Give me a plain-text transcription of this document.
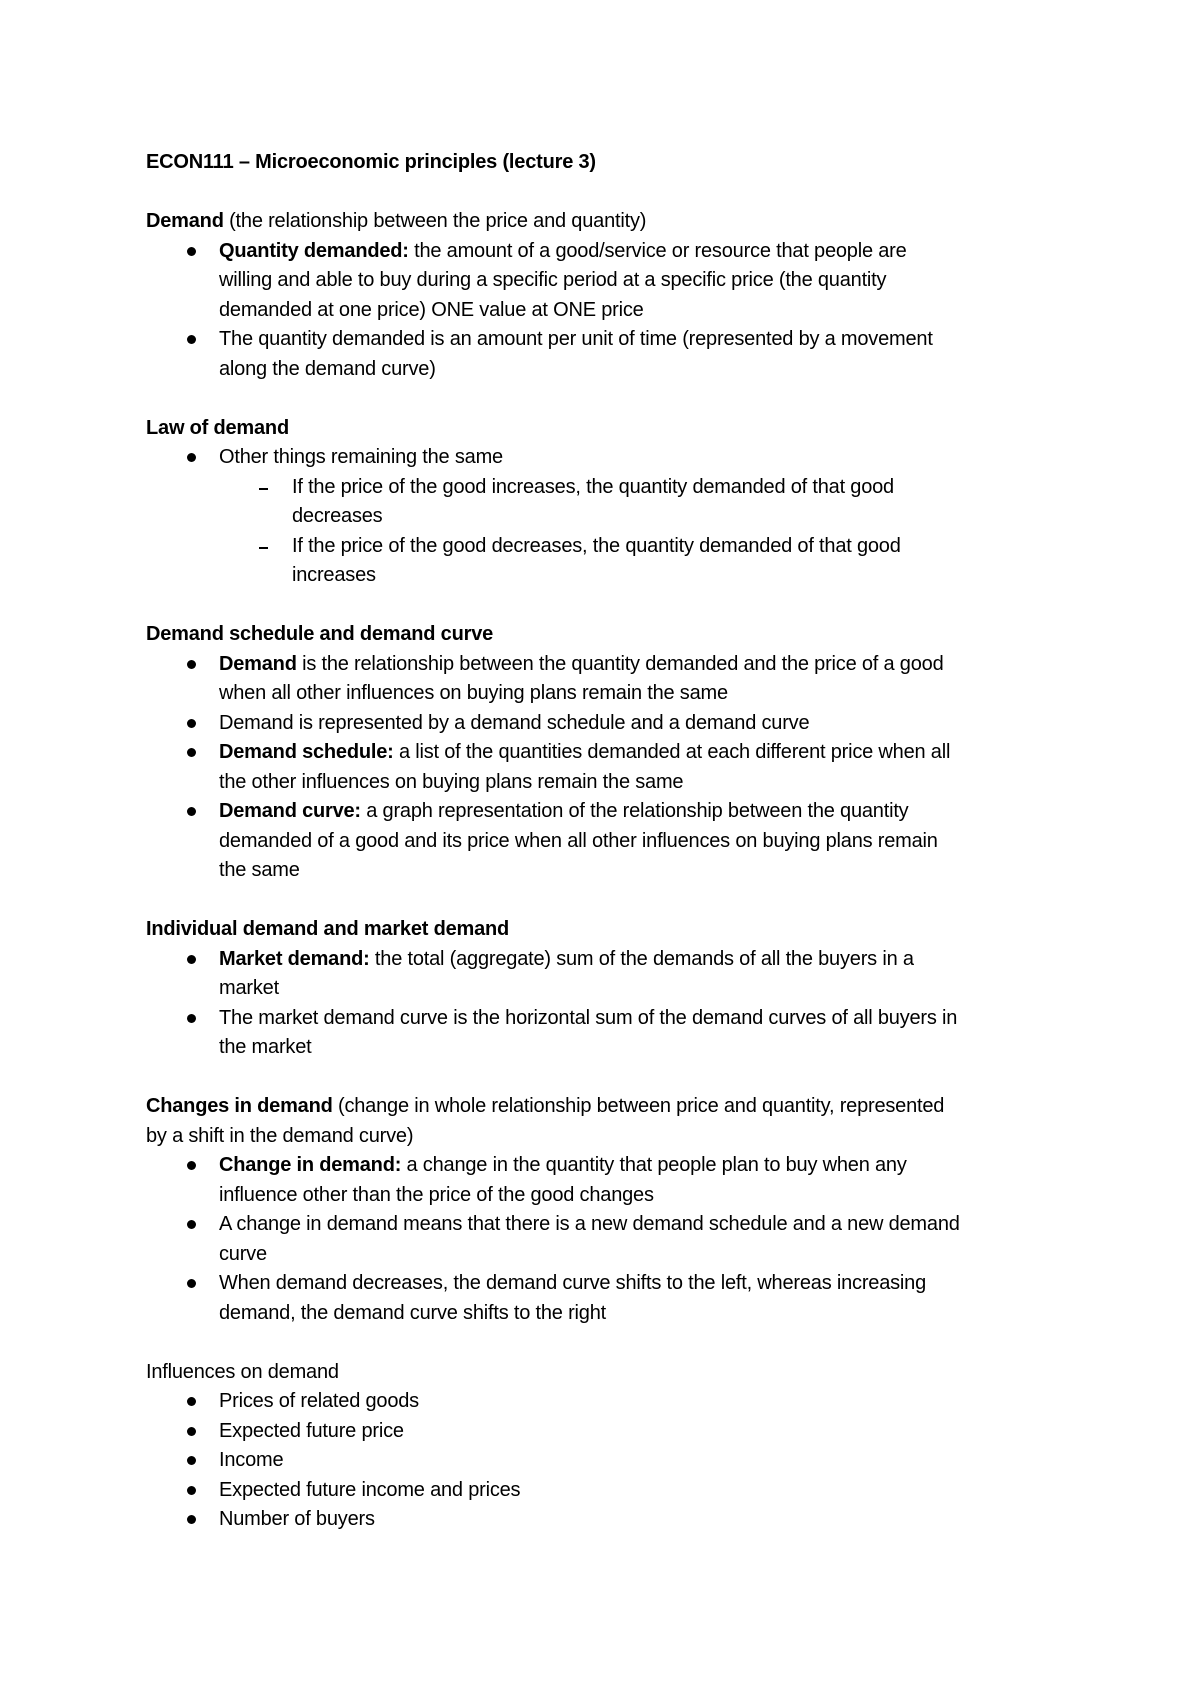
ECON111 – Microeconomic principles (lecture 3)
Demand (the relationship between the price and quantity)
Quantity demanded: the amount of a good/service or resource that people are
willing and able to buy during a specific period at a specific price (the quantity
demanded at one price) ONE value at ONE price
The quantity demanded is an amount per unit of time (represented by a movement
along the demand curve)
Law of demand
Other things remaining the same
If the price of the good increases, the quantity demanded of that good
decreases
If the price of the good decreases, the quantity demanded of that good
increases
Demand schedule and demand curve
Demand is the relationship between the quantity demanded and the price of a good
when all other influences on buying plans remain the same
Demand is represented by a demand schedule and a demand curve
Demand schedule: a list of the quantities demanded at each different price when all
the other influences on buying plans remain the same
Demand curve: a graph representation of the relationship between the quantity
demanded of a good and its price when all other influences on buying plans remain
the same
Individual demand and market demand
Market demand: the total (aggregate) sum of the demands of all the buyers in a
market
The market demand curve is the horizontal sum of the demand curves of all buyers in
the market
Changes in demand (change in whole relationship between price and quantity, represented
by a shift in the demand curve)
Change in demand: a change in the quantity that people plan to buy when any
influence other than the price of the good changes
A change in demand means that there is a new demand schedule and a new demand
curve
When demand decreases, the demand curve shifts to the left, whereas increasing
demand, the demand curve shifts to the right
Influences on demand
Prices of related goods
Expected future price
Income
Expected future income and prices
Number of buyers
